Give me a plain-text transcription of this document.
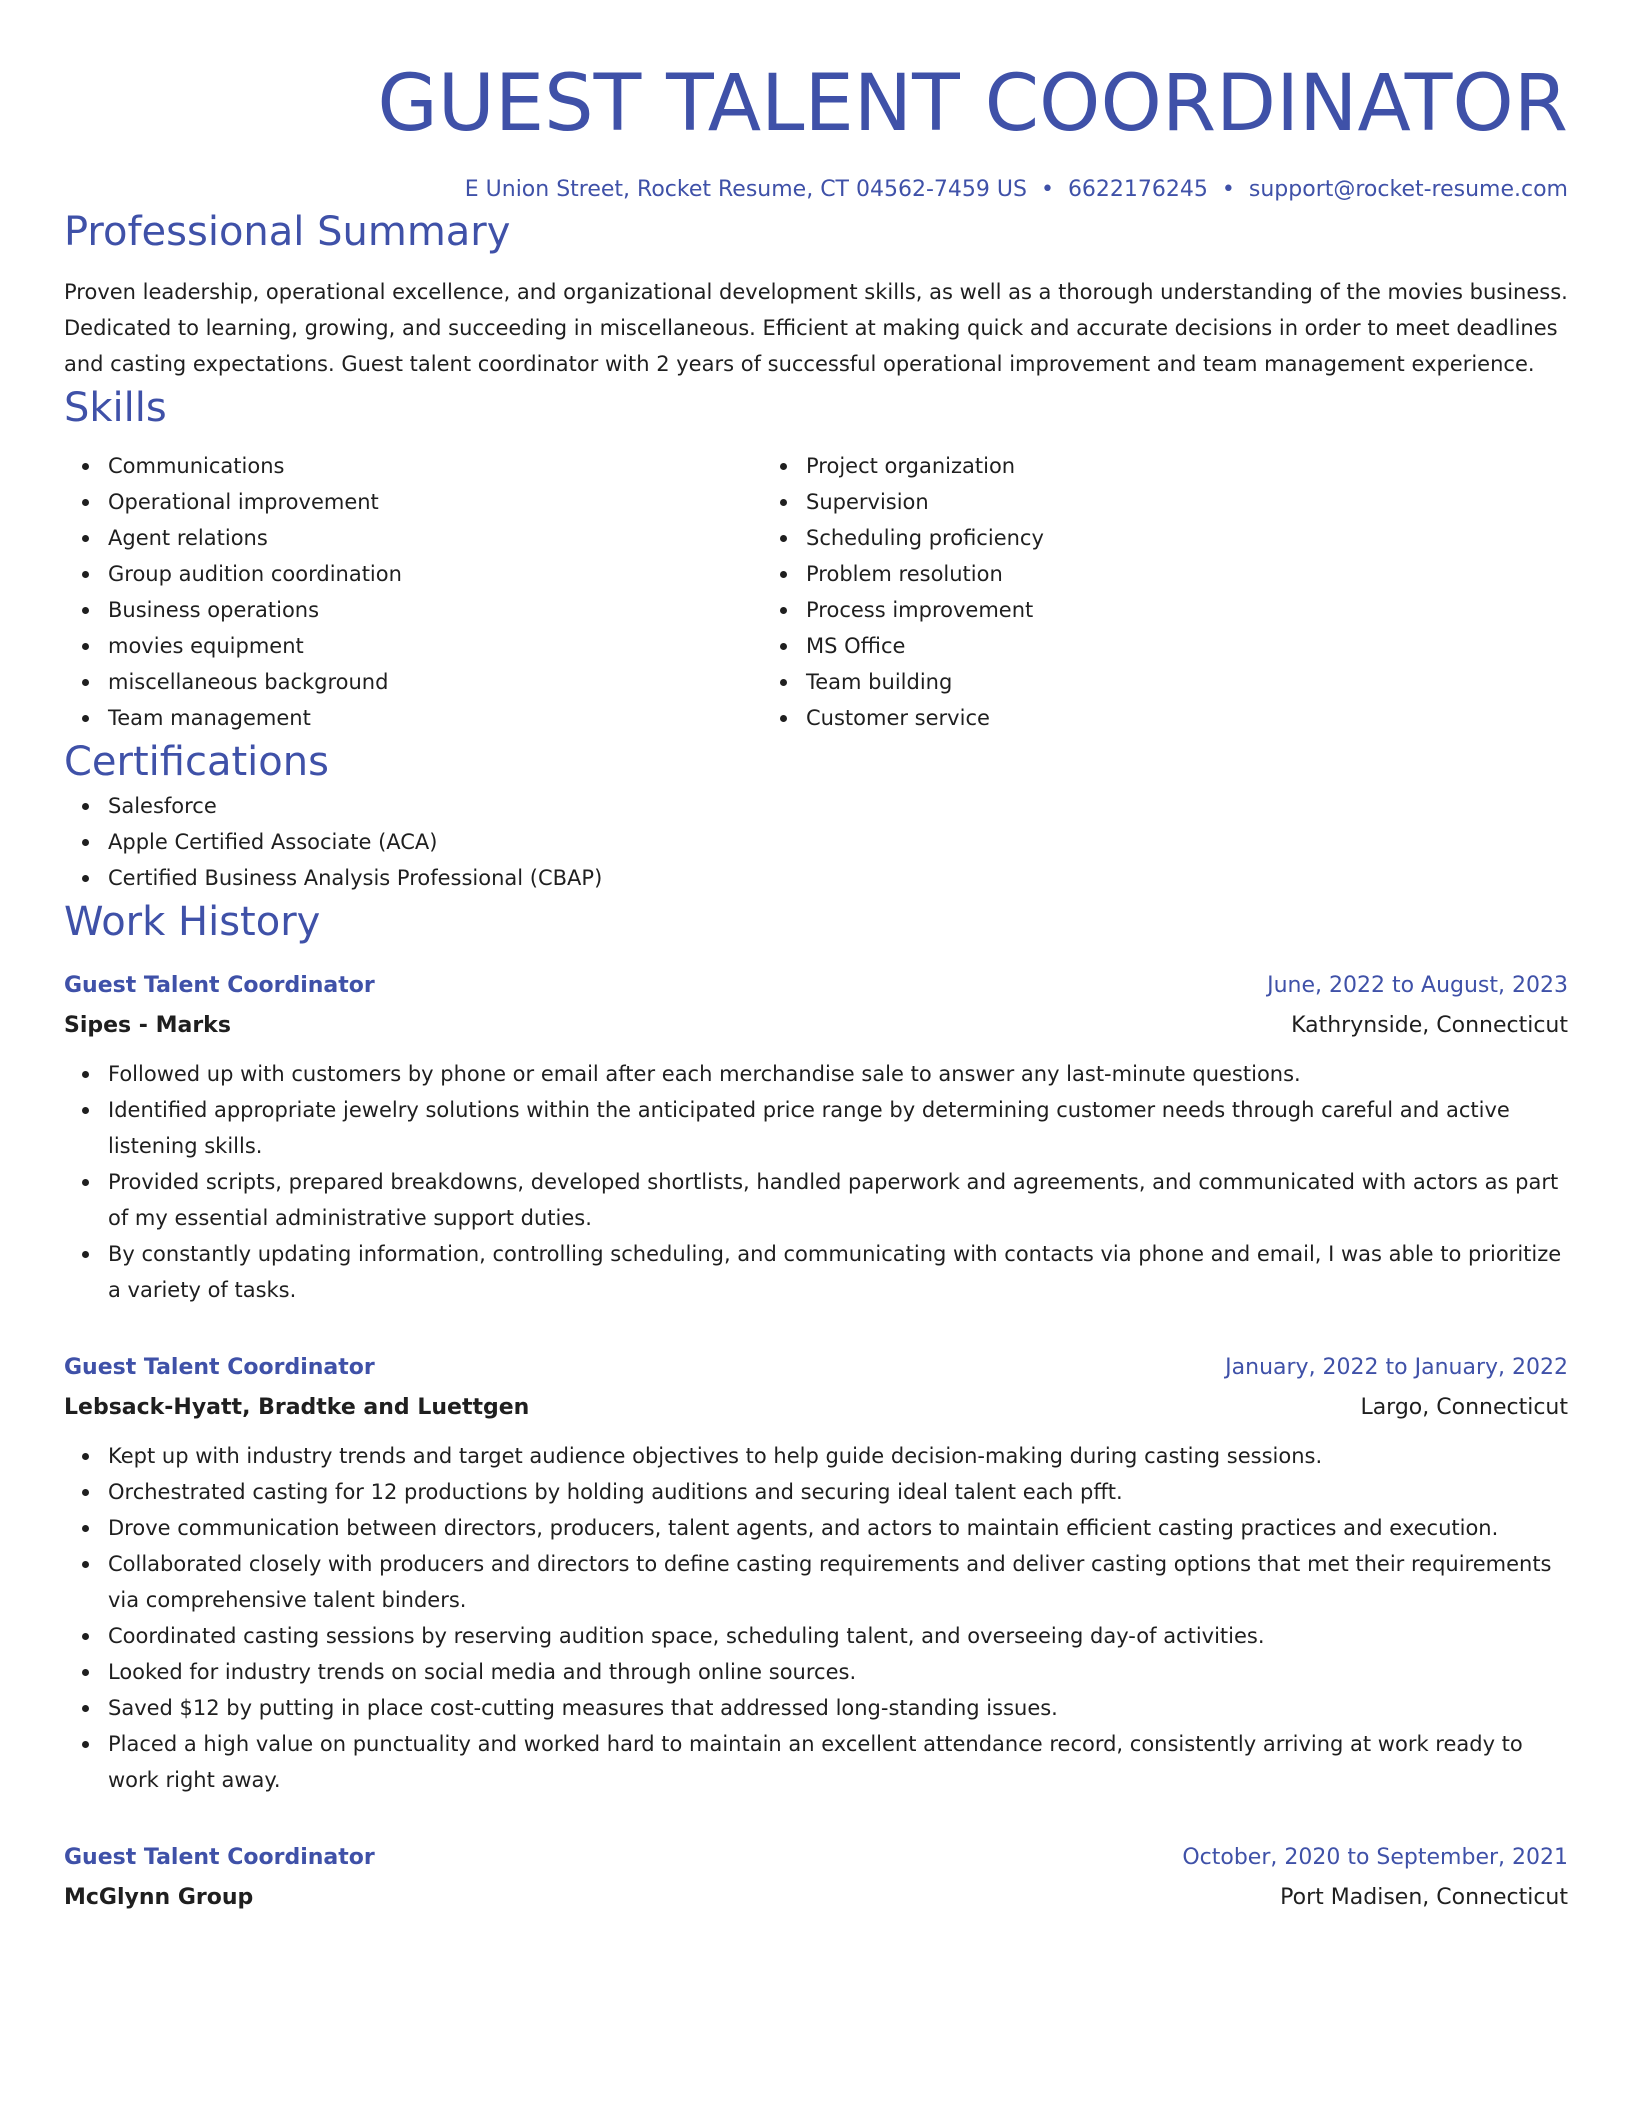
GUEST TALENT COORDINATOR
E Union Street, Rocket Resume, CT 04562-7459 US • 6622176245 • support@rocket-resume.com
Professional Summary

Proven leadership, operational excellence, and organizational development skills, as well as a thorough understanding of the movies business. Dedicated to learning, growing, and succeeding in miscellaneous. Efficient at making quick and accurate decisions in order to meet deadlines and casting expectations. Guest talent coordinator with 2 years of successful operational improvement and team management experience.

Skills
Communications
Operational improvement
Agent relations
Group audition coordination
Business operations
movies equipment
miscellaneous background
Team management
Project organization
Supervision
Scheduling proficiency
Problem resolution
Process improvement
MS Office
Team building
Customer service
Certifications
Salesforce
Apple Certified Associate (ACA)
Certified Business Analysis Professional (CBAP)
Work History
Guest Talent Coordinator	June, 2022 to August, 2023
Sipes - Marks	Kathrynside, Connecticut
Followed up with customers by phone or email after each merchandise sale to answer any last-minute questions.
Identified appropriate jewelry solutions within the anticipated price range by determining customer needs through careful and active listening skills.
Provided scripts, prepared breakdowns, developed shortlists, handled paperwork and agreements, and communicated with actors as part of my essential administrative support duties.
By constantly updating information, controlling scheduling, and communicating with contacts via phone and email, I was able to prioritize a variety of tasks.
Guest Talent Coordinator	January, 2022 to January, 2022
Lebsack-Hyatt, Bradtke and Luettgen	Largo, Connecticut
Kept up with industry trends and target audience objectives to help guide decision-making during casting sessions.
Orchestrated casting for 12 productions by holding auditions and securing ideal talent each pfft.
Drove communication between directors, producers, talent agents, and actors to maintain efficient casting practices and execution.
Collaborated closely with producers and directors to define casting requirements and deliver casting options that met their requirements via comprehensive talent binders.
Coordinated casting sessions by reserving audition space, scheduling talent, and overseeing day-of activities.
Looked for industry trends on social media and through online sources.
Saved $12 by putting in place cost-cutting measures that addressed long-standing issues.
Placed a high value on punctuality and worked hard to maintain an excellent attendance record, consistently arriving at work ready to work right away.
Guest Talent Coordinator	October, 2020 to September, 2021
McGlynn Group	Port Madisen, Connecticut
